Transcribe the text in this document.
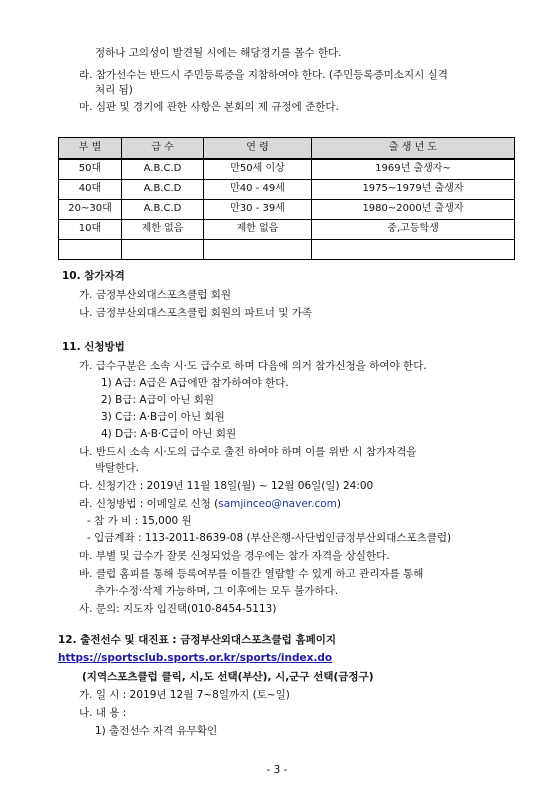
정하나 고의성이 발견될 시에는 해당경기를 몰수 한다.
라. 참가선수는 반드시 주민등록증을 지참하여야 한다. (주민등록증미소지시 실격
처리 됨)
마. 심판 및 경기에 관한 사항은 본회의 제 규정에 준한다.
부 별	급 수	연 령	출 생 년 도
50대	A.B.C.D	만50세 이상	1969년 출생자~
40대	A.B.C.D	만40 - 49세	1975~1979년 출생자
20~30대	A.B.C.D	만30 - 39세	1980~2000년 출생자
10대	제한 없음	제한 없음	중,고등학생

10. 참가자격
가. 금정부산외대스포츠클럽 회원
나. 금정부산외대스포츠클럽 회원의 파트너 및 가족
11. 신청방법
가. 급수구분은 소속 시·도 급수로 하며 다음에 의거 참가신청을 하여야 한다.
1) A급: A급은 A급에만 참가하여야 한다.
2) B급: A급이 아닌 회원
3) C급: A·B급이 아닌 회원
4) D급: A·B·C급이 아닌 회원
나. 반드시 소속 시·도의 급수로 출전 하여야 하며 이를 위반 시 참가자격을
박탈한다.
다. 신청기간 : 2019년 11월 18일(월) ~ 12월 06일(일) 24:00
라. 신청방법 : 이메일로 신청 (samjinceo@naver.com)
- 참 가 비 : 15,000 원
- 입금계좌 : 113-2011-8639-08 (부산은행-사단법인금정부산외대스포츠클럽)
마. 부별 및 급수가 잘못 신청되었을 경우에는 참가 자격을 상실한다.
바. 클럽 홈피를 통해 등록여부를 이틀간 열람할 수 있게 하고 관리자를 통해
추가·수정·삭제 가능하며, 그 이후에는 모두 불가하다.
사. 문의: 지도자 임진택(010-8454-5113)
12. 출전선수 및 대진표 : 금정부산외대스포츠클럽 홈페이지
https://sportsclub.sports.or.kr/sports/index.do
(지역스포츠클럽 클릭, 시,도 선택(부산), 시,군구 선택(금정구)
가. 일 시 : 2019년 12월 7~8일까지 (토~일)
나. 내 용 :
1) 출전선수 자격 유무확인
- 3 -
